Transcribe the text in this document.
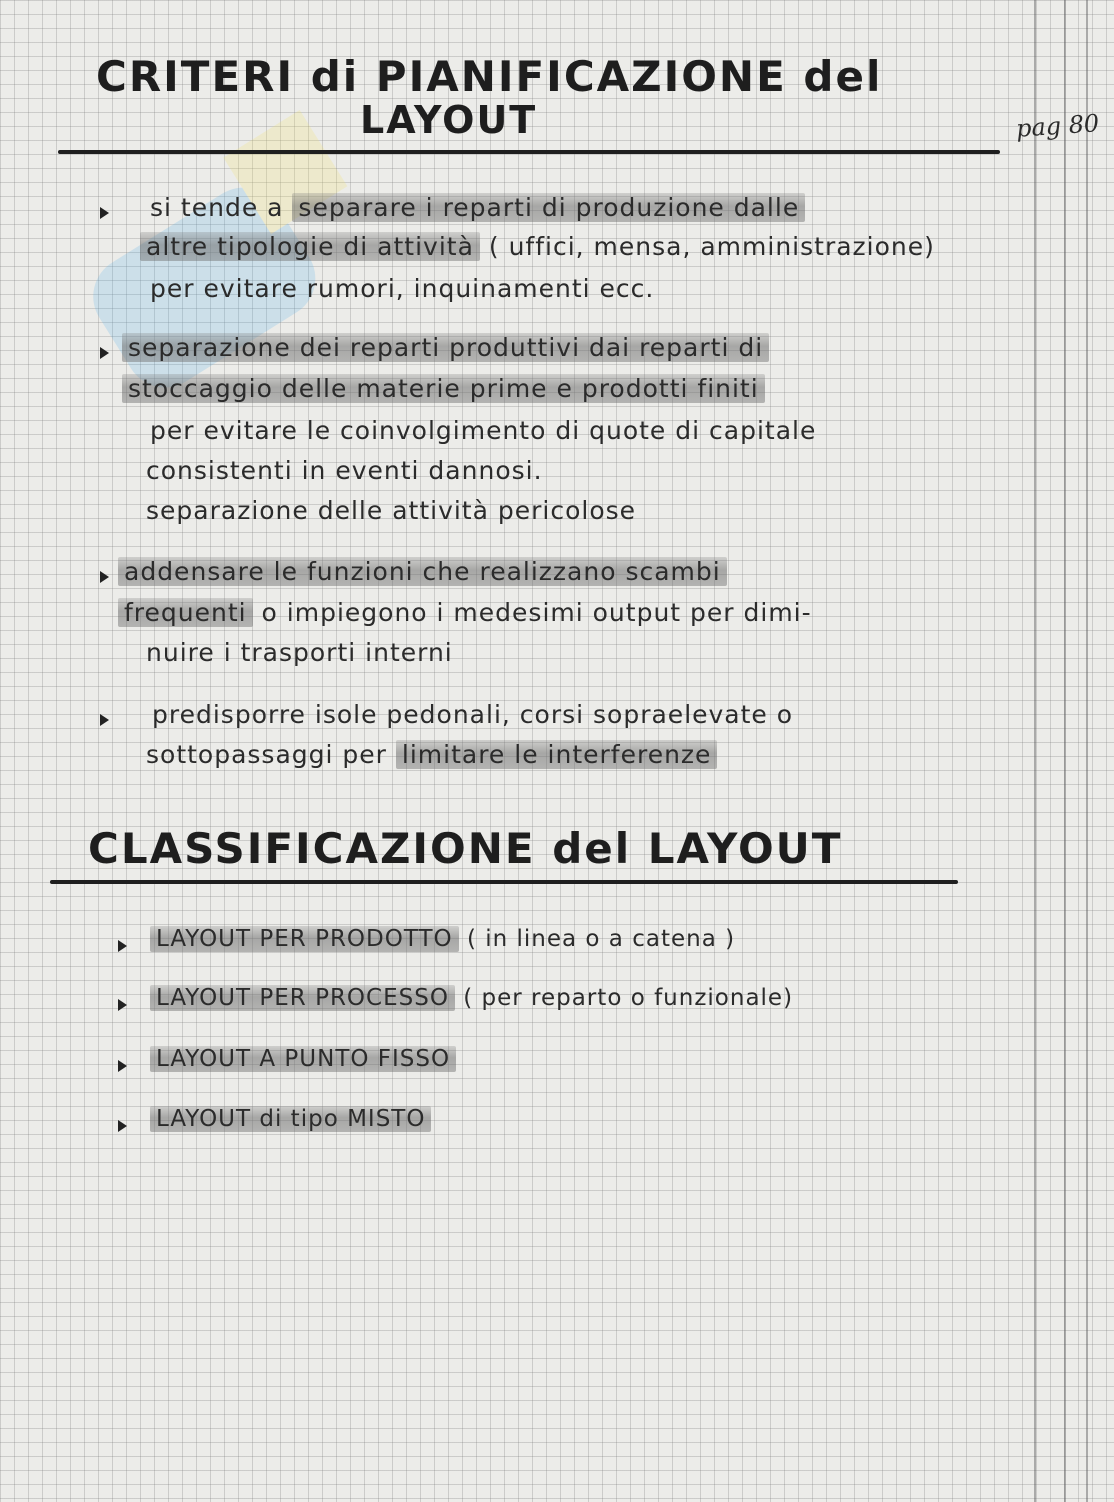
CRITERI di PIANIFICAZIONE del
LAYOUT	pag 80

si tende a separare i reparti di produzione dalle

altre tipologie di attività ( uffici, mensa, amministrazione)

per evitare rumori, inquinamenti ecc.

separazione dei reparti produttivi dai reparti di

stoccaggio delle materie prime e prodotti finiti

per evitare le coinvolgimento di quote di capitale

consistenti in eventi dannosi.

separazione delle attività pericolose

addensare le funzioni che realizzano scambi

frequenti o impiegono i medesimi output per dimi-

nuire i trasporti interni

predisporre isole pedonali, corsi sopraelevate o

sottopassaggi per limitare le interferenze

CLASSIFICAZIONE del LAYOUT

LAYOUT PER PRODOTTO ( in linea o a catena )

LAYOUT PER PROCESSO ( per reparto o funzionale)

LAYOUT A PUNTO FISSO

LAYOUT di tipo MISTO
